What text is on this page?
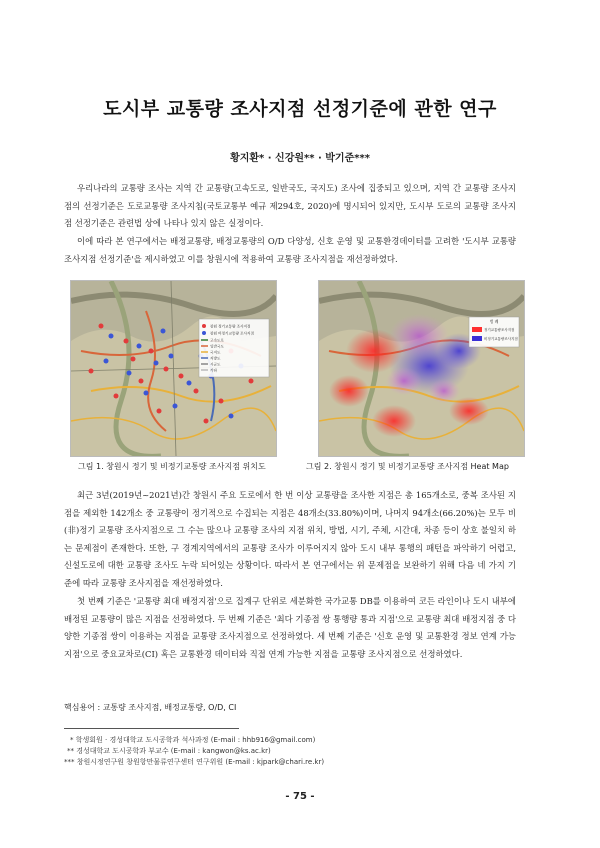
도시부 교통량 조사지점 선정기준에 관한 연구
황지환* · 신강원** · 박기준***

우리나라의 교통량 조사는 지역 간 교통량(고속도로, 일반국도, 국지도) 조사에 집중되고 있으며, 지역 간 교통량 조사지점의 선정기준은 도로교통량 조사지침(국토교통부 예규 제294호, 2020)에 명시되어 있지만, 도시부 도로의 교통량 조사지점 선정기준은 관련법 상에 나타나 있지 않은 실정이다.

이에 따라 본 연구에서는 배정교통량, 배정교통량의 O/D 다양성, 신호 운영 및 교통환경데이터를 고려한 '도시부 교통량 조사지점 선정기준'을 제시하였고 이를 창원시에 적용하여 교통량 조사지점을 재선정하였다.

창원 정기교통량 조사지점
창원 비정기교통량 조사지점
고속도로
일반국도
국지도
지방도
시군도
기타
범 례
정기교통량조사지점
비정기교통량조사지점
그림 1. 창원시 정기 및 비정기교통량 조사지점 위치도	그림 2. 창원시 정기 및 비정기교통량 조사지점 Heat Map

최근 3년(2019년~2021년)간 창원시 주요 도로에서 한 번 이상 교통량을 조사한 지점은 총 165개소로, 중복 조사된 지점을 제외한 142개소 중 교통량이 정기적으로 수집되는 지점은 48개소(33.80%)이며, 나머지 94개소(66.20%)는 모두 비(非)정기 교통량 조사지점으로 그 수는 많으나 교통량 조사의 지점 위치, 방법, 시기, 주체, 시간대, 차종 등이 상호 불일치 하는 문제점이 존재한다. 또한, 구 경계지역에서의 교통량 조사가 이루어지지 않아 도시 내부 통행의 패턴을 파악하기 어렵고, 신설도로에 대한 교통량 조사도 누락 되어있는 상황이다. 따라서 본 연구에서는 위 문제점을 보완하기 위해 다음 네 가지 기준에 따라 교통량 조사지점을 재선정하였다.

첫 번째 기준은 '교통량 최대 배정지점'으로 집계구 단위로 세분화한 국가교통 DB를 이용하여 코든 라인이나 도시 내부에 배정된 교통량이 많은 지점을 선정하였다. 두 번째 기준은 '최다 기종점 쌍 통행량 통과 지점'으로 교통량 최대 배정지점 중 다양한 기종점 쌍이 이용하는 지점을 교통량 조사지점으로 선정하였다. 세 번째 기준은 '신호 운영 및 교통환경 정보 연계 가능 지점'으로 중요교차로(CI) 혹은 교통환경 데이터와 직접 연계 가능한 지점을 교통량 조사지점으로 선정하였다.

핵심용어 : 교통량 조사지점, 배정교통량, O/D, CI
* 학생회원 · 경성대학교 도시공학과 석사과정 (E-mail : hhb916@gmail.com)
** 경성대학교 도시공학과 부교수 (E-mail : kangwon@ks.ac.kr)
*** 창원시정연구원 창원항만물류연구센터 연구위원 (E-mail : kjpark@chari.re.kr)
- 75 -
